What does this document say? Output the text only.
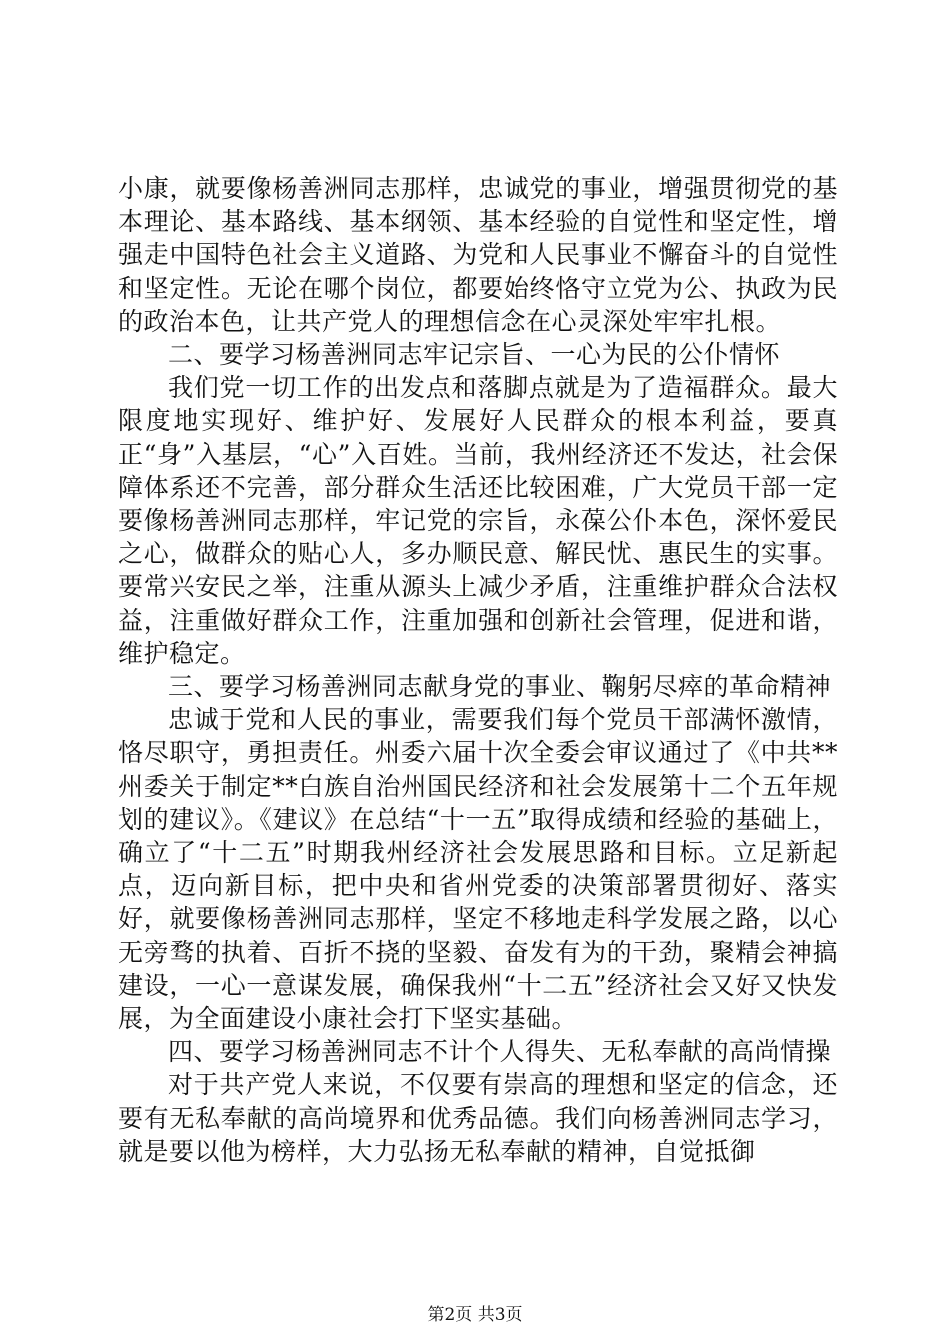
小康，就要像杨善洲同志那样，忠诚党的事业，增强贯彻党的基本理论、基本路线、基本纲领、基本经验的自觉性和坚定性，增强走中国特色社会主义道路、为党和人民事业不懈奋斗的自觉性和坚定性。无论在哪个岗位，都要始终恪守立党为公、执政为民的政治本色，让共产党人的理想信念在心灵深处牢牢扎根。

二、要学习杨善洲同志牢记宗旨、一心为民的公仆情怀

我们党一切工作的出发点和落脚点就是为了造福群众。最大限度地实现好、维护好、发展好人民群众的根本利益，要真正“身”入基层，“心”入百姓。当前，我州经济还不发达，社会保障体系还不完善，部分群众生活还比较困难，广大党员干部一定要像杨善洲同志那样，牢记党的宗旨，永葆公仆本色，深怀爱民之心，做群众的贴心人，多办顺民意、解民忧、惠民生的实事。要常兴安民之举，注重从源头上减少矛盾，注重维护群众合法权益，注重做好群众工作，注重加强和创新社会管理，促进和谐，维护稳定。

三、要学习杨善洲同志献身党的事业、鞠躬尽瘁的革命精神

忠诚于党和人民的事业，需要我们每个党员干部满怀激情，恪尽职守，勇担责任。州委六届十次全委会审议通过了《中共**州委关于制定**白族自治州国民经济和社会发展第十二个五年规划的建议》。《建议》在总结“十一五”取得成绩和经验的基础上，确立了“十二五”时期我州经济社会发展思路和目标。立足新起点，迈向新目标，把中央和省州党委的决策部署贯彻好、落实好，就要像杨善洲同志那样，坚定不移地走科学发展之路，以心无旁骛的执着、百折不挠的坚毅、奋发有为的干劲，聚精会神搞建设，一心一意谋发展，确保我州“十二五”经济社会又好又快发展，为全面建设小康社会打下坚实基础。

四、要学习杨善洲同志不计个人得失、无私奉献的高尚情操

对于共产党人来说，不仅要有崇高的理想和坚定的信念，还要有无私奉献的高尚境界和优秀品德。我们向杨善洲同志学习，就是要以他为榜样，大力弘扬无私奉献的精神，自觉抵御

第2页 共3页
